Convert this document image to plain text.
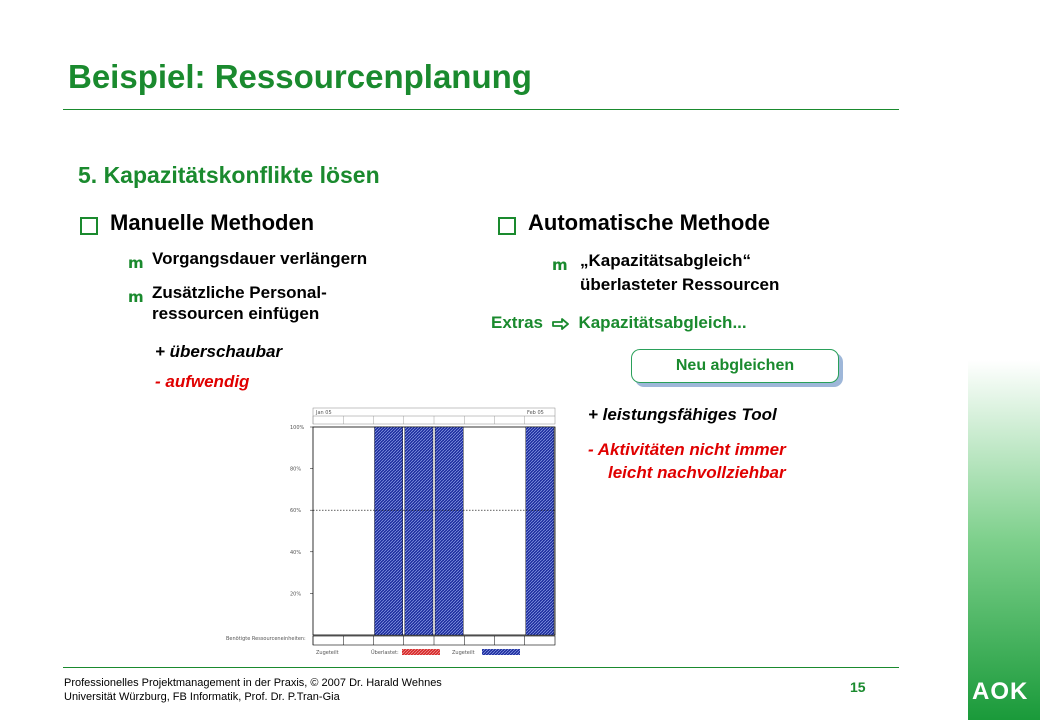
Beispiel: Ressourcenplanung
5. Kapazitätskonflikte lösen
Manuelle Methoden
m Vorgangsdauer verlängern
m Zusätzliche Personal-
ressourcen einfügen
+ überschaubar
- aufwendig
Automatische Methode
m „Kapazitätsabgleich“
überlasteter Ressourcen
Extras Kapazitätsabgleich...
Neu abgleichen
+ leistungsfähiges Tool
- Aktivitäten nicht immer
leicht nachvollziehbar
Jan 05	Feb 05
100%
80%
60%
40%
20%
Benötigte Ressourceneinheiten:
Zugeteilt	Überlastet:	Zugeteilt
Professionelles Projektmanagement in der Praxis, © 2007 Dr. Harald Wehnes
Universität Würzburg, FB Informatik, Prof. Dr. P.Tran-Gia
15	AOK
